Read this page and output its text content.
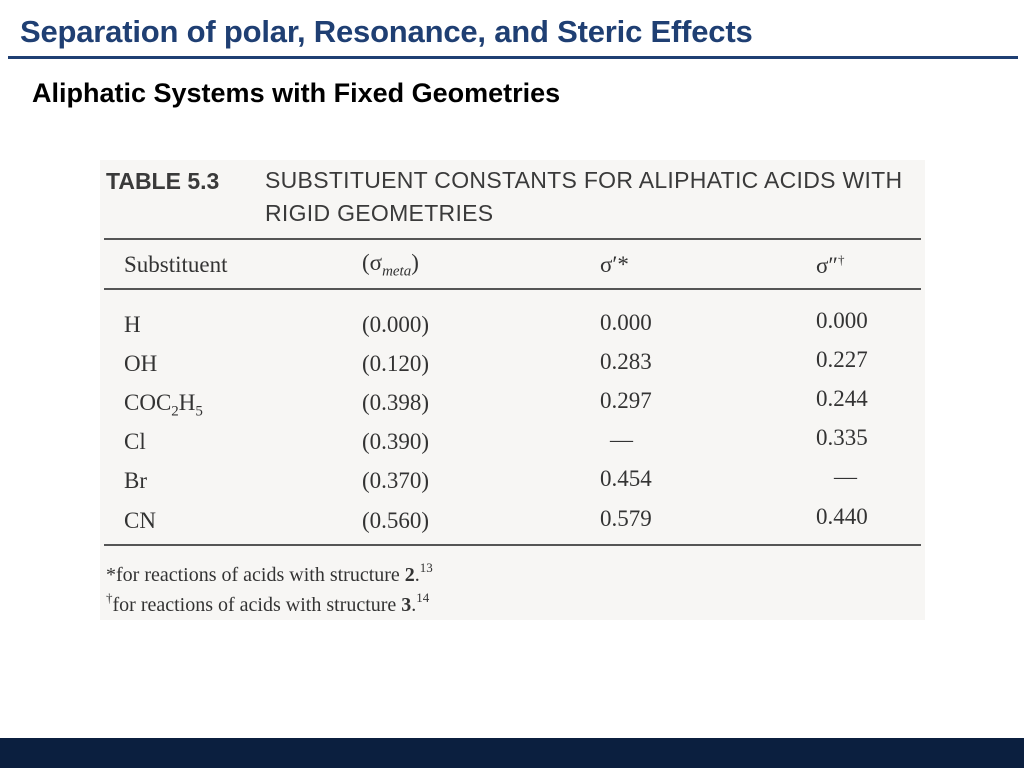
Separation of polar, Resonance, and Steric Effects
Aliphatic Systems with Fixed Geometries
TABLE 5.3 SUBSTITUENT CONSTANTS FOR ALIPHATIC ACIDS WITH RIGID GEOMETRIES
Substituent	$(\sigma_{meta})$	σ′*	σ″†
H	(0.000)	0.000	0.000
OH	(0.120)	0.283	0.227
$COC_2H_5$	(0.398)	0.297	0.244
Cl	(0.390)	—	0.335
Br	(0.370)	0.454	—
CN	(0.560)	0.579	0.440
*for reactions of acids with structure 2.13
†for reactions of acids with structure 3.14
